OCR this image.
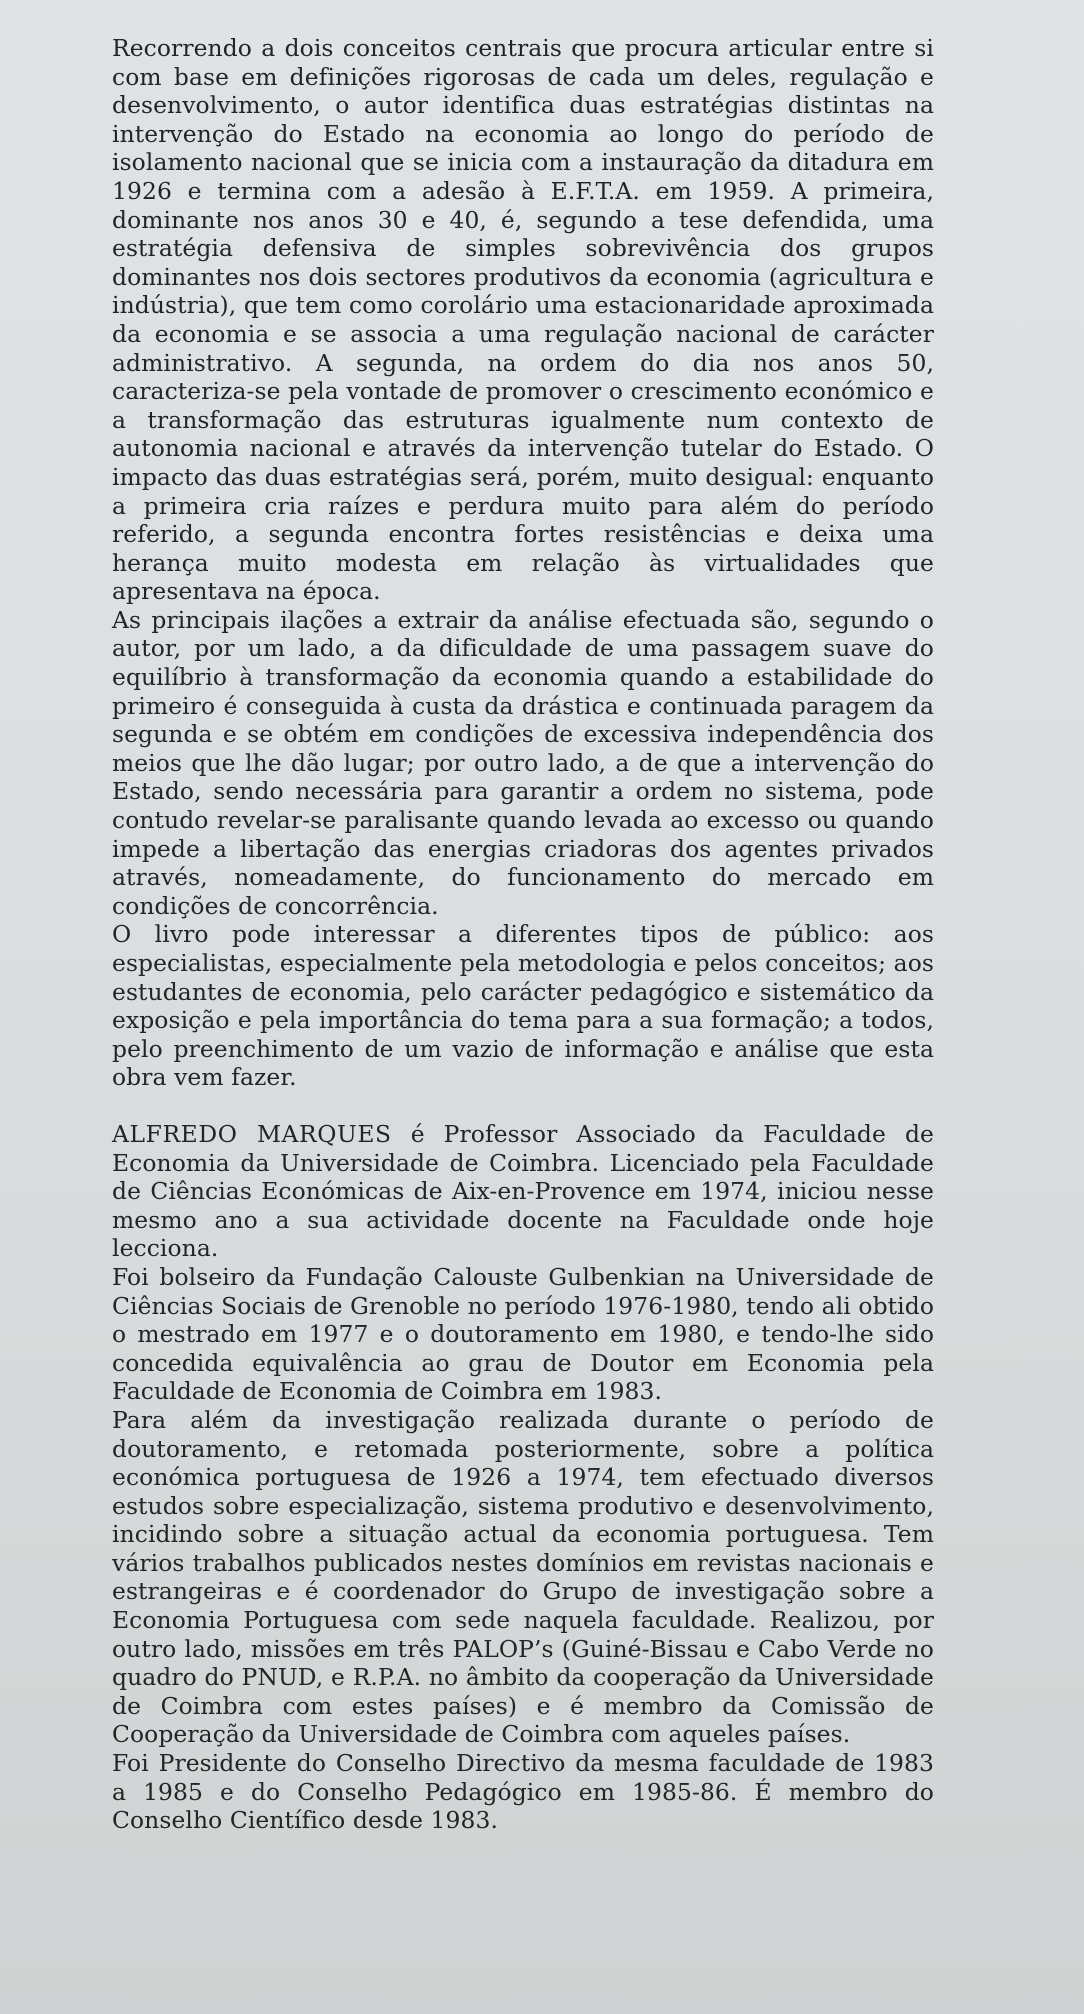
Recorrendo a dois conceitos centrais que procura articular entre si com base em definições rigorosas de cada um deles, regulação e desenvolvimento, o autor identifica duas estratégias distintas na intervenção do Estado na economia ao longo do período de isolamento nacional que se inicia com a instauração da ditadura em 1926 e termina com a adesão à E.F.T.A. em 1959. A primeira, dominante nos anos 30 e 40, é, segundo a tese defendida, uma estratégia defensiva de simples sobrevivência dos grupos dominantes nos dois sectores produtivos da economia (agricultura e indústria), que tem como corolário uma estacionaridade aproximada da economia e se associa a uma regulação nacional de carácter administrativo. A segunda, na ordem do dia nos anos 50, caracteriza-se pela vontade de promover o crescimento económico e a transformação das estruturas igualmente num contexto de autonomia nacional e através da intervenção tutelar do Estado. O impacto das duas estratégias será, porém, muito desigual: enquanto a primeira cria raízes e perdura muito para além do período referido, a segunda encontra fortes resistências e deixa uma herança muito modesta em relação às virtualidades que apresentava na época.

As principais ilações a extrair da análise efectuada são, segundo o autor, por um lado, a da dificuldade de uma passagem suave do equilíbrio à transformação da economia quando a estabilidade do primeiro é conseguida à custa da drástica e continuada paragem da segunda e se obtém em condições de excessiva independência dos meios que lhe dão lugar; por outro lado, a de que a intervenção do Estado, sendo necessária para garantir a ordem no sistema, pode contudo revelar-se paralisante quando levada ao excesso ou quando impede a libertação das energias criadoras dos agentes privados através, nomeadamente, do funcionamento do mercado em condições de concorrência.

O livro pode interessar a diferentes tipos de público: aos especialistas, especialmente pela metodologia e pelos conceitos; aos estudantes de economia, pelo carácter pedagógico e sistemático da exposição e pela importância do tema para a sua formação; a todos, pelo preenchimento de um vazio de informação e análise que esta obra vem fazer.

ALFREDO MARQUES é Professor Associado da Faculdade de Economia da Universidade de Coimbra. Licenciado pela Faculdade de Ciências Económicas de Aix-en-Provence em 1974, iniciou nesse mesmo ano a sua actividade docente na Faculdade onde hoje lecciona.

Foi bolseiro da Fundação Calouste Gulbenkian na Universidade de Ciências Sociais de Grenoble no período 1976-1980, tendo ali obtido o mestrado em 1977 e o doutoramento em 1980, e tendo-lhe sido concedida equivalência ao grau de Doutor em Economia pela Faculdade de Economia de Coimbra em 1983.

Para além da investigação realizada durante o período de doutoramento, e retomada posteriormente, sobre a política económica portuguesa de 1926 a 1974, tem efectuado diversos estudos sobre especialização, sistema produtivo e desenvolvimento, incidindo sobre a situação actual da economia portuguesa. Tem vários trabalhos publicados nestes domínios em revistas nacionais e estrangeiras e é coordenador do Grupo de investigação sobre a Economia Portuguesa com sede naquela faculdade. Realizou, por outro lado, missões em três PALOP’s (Guiné-Bissau e Cabo Verde no quadro do PNUD, e R.P.A. no âmbito da cooperação da Universidade de Coimbra com estes países) e é membro da Comissão de Cooperação da Universidade de Coimbra com aqueles países.

Foi Presidente do Conselho Directivo da mesma faculdade de 1983 a 1985 e do Conselho Pedagógico em 1985-86. É membro do Conselho Científico desde 1983.
